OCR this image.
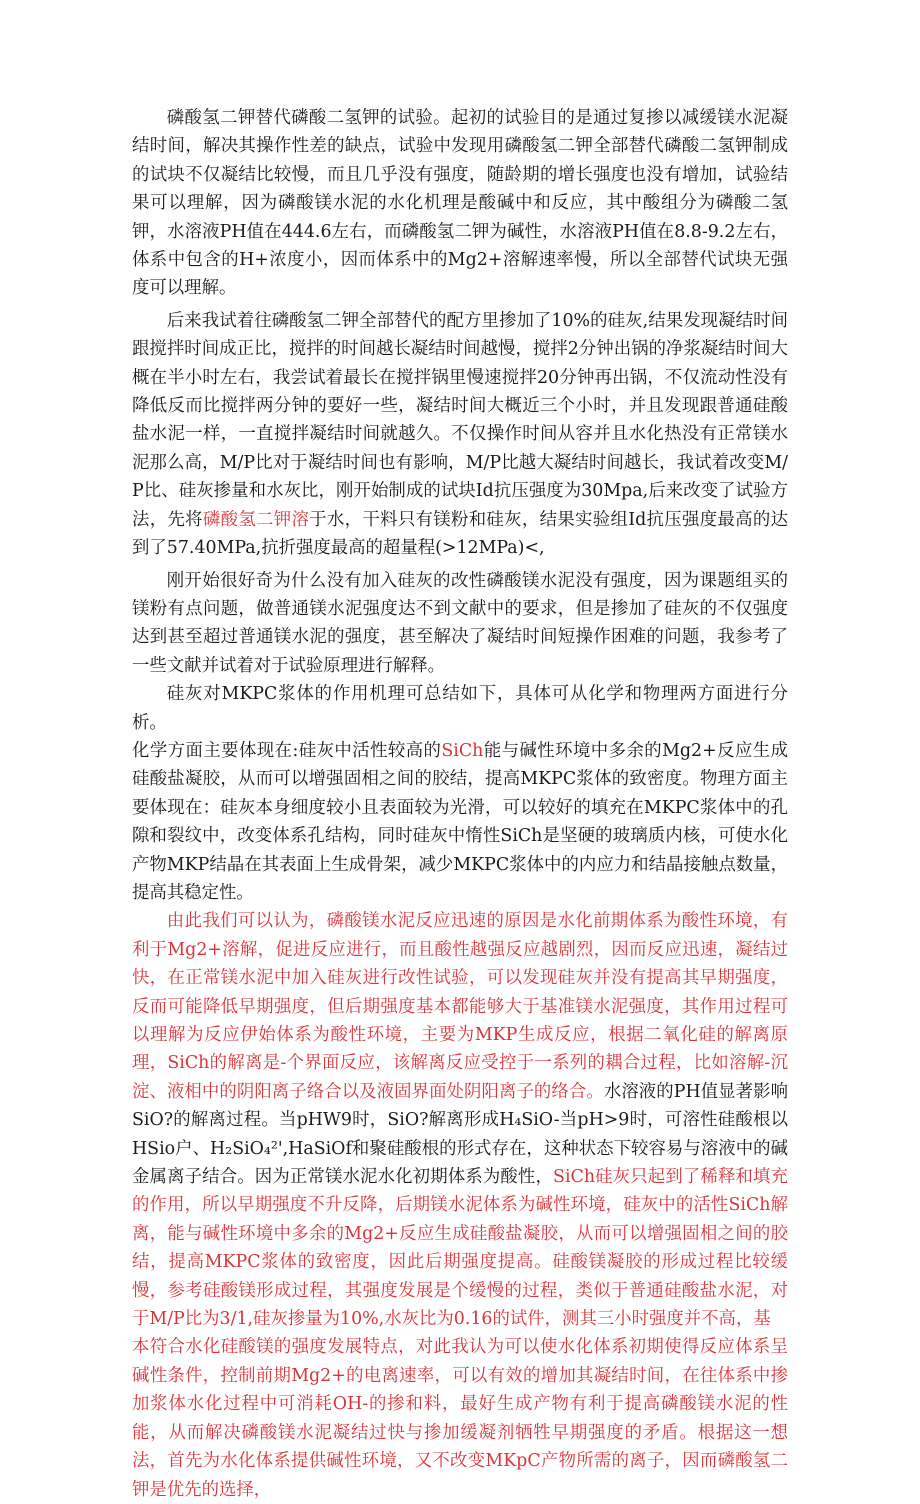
磷酸氢二钾替代磷酸二氢钾的试验。起初的试验目的是通过复掺以减缓镁水泥凝结时间，解决其操作性差的缺点，试验中发现用磷酸氢二钾全部替代磷酸二氢钾制成的试块不仅凝结比较慢，而且几乎没有强度，随龄期的增长强度也没有增加，试验结果可以理解，因为磷酸镁水泥的水化机理是酸碱中和反应，其中酸组分为磷酸二氢钾，水溶液PH值在444.6左右，而磷酸氢二钾为碱性，水溶液PH值在8.8-9.2左右，体系中包含的H+浓度小，因而体系中的Mg2+溶解速率慢，所以全部替代试块无强度可以理解。

后来我试着往磷酸氢二钾全部替代的配方里掺加了10%的硅灰,结果发现凝结时间跟搅拌时间成正比，搅拌的时间越长凝结时间越慢，搅拌2分钟出锅的净浆凝结时间大概在半小时左右，我尝试着最长在搅拌锅里慢速搅拌20分钟再出锅，不仅流动性没有降低反而比搅拌两分钟的要好一些，凝结时间大概近三个小时，并且发现跟普通硅酸盐水泥一样，一直搅拌凝结时间就越久。不仅操作时间从容并且水化热没有正常镁水泥那么高，M/P比对于凝结时间也有影响，M/P比越大凝结时间越长，我试着改变M/P比、硅灰掺量和水灰比，刚开始制成的试块Id抗压强度为30Mpa,后来改变了试验方法，先将磷酸氢二钾溶于水，干料只有镁粉和硅灰，结果实验组Id抗压强度最高的达到了57.40MPa,抗折强度最高的超量程(>12MPa)<,

刚开始很好奇为什么没有加入硅灰的改性磷酸镁水泥没有强度，因为课题组买的镁粉有点问题，做普通镁水泥强度达不到文献中的要求，但是掺加了硅灰的不仅强度达到甚至超过普通镁水泥的强度，甚至解决了凝结时间短操作困难的问题，我参考了一些文献并试着对于试验原理进行解释。

硅灰对MKPC浆体的作用机理可总结如下，具体可从化学和物理两方面进行分析。

化学方面主要体现在:硅灰中活性较高的SiCh能与碱性环境中多余的Mg2+反应生成硅酸盐凝胶，从而可以增强固相之间的胶结，提高MKPC浆体的致密度。物理方面主要体现在：硅灰本身细度较小且表面较为光滑，可以较好的填充在MKPC浆体中的孔隙和裂纹中，改变体系孔结构，同时硅灰中惰性SiCh是坚硬的玻璃质内核，可使水化产物MKP结晶在其表面上生成骨架，减少MKPC浆体中的内应力和结晶接触点数量，提高其稳定性。

由此我们可以认为，磷酸镁水泥反应迅速的原因是水化前期体系为酸性环境，有利于Mg2+溶解，促进反应进行，而且酸性越强反应越剧烈，因而反应迅速，凝结过快，在正常镁水泥中加入硅灰进行改性试验，可以发现硅灰并没有提高其早期强度，反而可能降低早期强度，但后期强度基本都能够大于基准镁水泥强度，其作用过程可以理解为反应伊始体系为酸性环境，主要为MKP生成反应，根据二氧化硅的解离原理，SiCh的解离是-个界面反应，该解离反应受控于一系列的耦合过程，比如溶解-沉淀、液相中的阴阳离子络合以及液固界面处阴阳离子的络合。水溶液的PH值显著影响SiO?的解离过程。当pHW9时，SiO?解离形成H₄SiO-当pH>9时，可溶性硅酸根以HSio户、H₂SiO₄²',HaSiOf和聚硅酸根的形式存在，这种状态下较容易与溶液中的碱金属离子结合。因为正常镁水泥水化初期体系为酸性，SiCh硅灰只起到了稀释和填充的作用，所以早期强度不升反降，后期镁水泥体系为碱性环境，硅灰中的活性SiCh解离，能与碱性环境中多余的Mg2+反应生成硅酸盐凝胶，从而可以增强固相之间的胶结，提高MKPC浆体的致密度，因此后期强度提高。硅酸镁凝胶的形成过程比较缓慢，参考硅酸镁形成过程，其强度发展是个缓慢的过程，类似于普通硅酸盐水泥，对于M/P比为3/1,硅灰掺量为10%,水灰比为0.16的试件，测其三小时强度并不高，基

本符合水化硅酸镁的强度发展特点，对此我认为可以使水化体系初期使得反应体系呈碱性条件，控制前期Mg2+的电离速率，可以有效的增加其凝结时间，在往体系中掺加浆体水化过程中可消耗OH-的掺和料，最好生成产物有利于提高磷酸镁水泥的性能，从而解决磷酸镁水泥凝结过快与掺加缓凝剂牺牲早期强度的矛盾。根据这一想法，首先为水化体系提供碱性环境，又不改变MKpC产物所需的离子，因而磷酸氢二钾是优先的选择，
